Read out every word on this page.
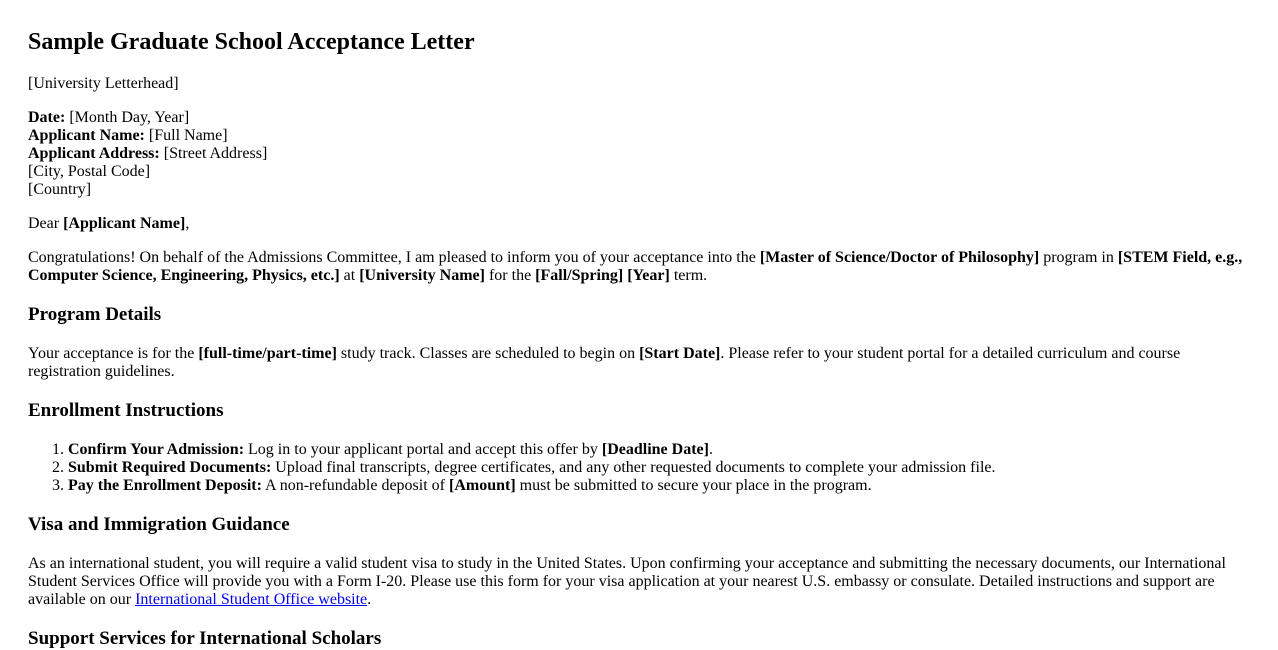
Sample Graduate School Acceptance Letter

[University Letterhead]

Date: [Month Day, Year]
Applicant Name: [Full Name]
Applicant Address: [Street Address]
[City, Postal Code]
[Country]

Dear [Applicant Name],

Congratulations! On behalf of the Admissions Committee, I am pleased to inform you of your acceptance into the [Master of Science/Doctor of Philosophy] program in [STEM Field, e.g., Computer Science, Engineering, Physics, etc.] at [University Name] for the [Fall/Spring] [Year] term.

Program Details

Your acceptance is for the [full-time/part-time] study track. Classes are scheduled to begin on [Start Date]. Please refer to your student portal for a detailed curriculum and course registration guidelines.

Enrollment Instructions
1. Confirm Your Admission: Log in to your applicant portal and accept this offer by [Deadline Date].
2. Submit Required Documents: Upload final transcripts, degree certificates, and any other requested documents to complete your admission file.
3. Pay the Enrollment Deposit: A non-refundable deposit of [Amount] must be submitted to secure your place in the program.
Visa and Immigration Guidance

As an international student, you will require a valid student visa to study in the United States. Upon confirming your acceptance and submitting the necessary documents, our International Student Services Office will provide you with a Form I-20. Please use this form for your visa application at your nearest U.S. embassy or consulate. Detailed instructions and support are available on our International Student Office website.

Support Services for International Scholars
